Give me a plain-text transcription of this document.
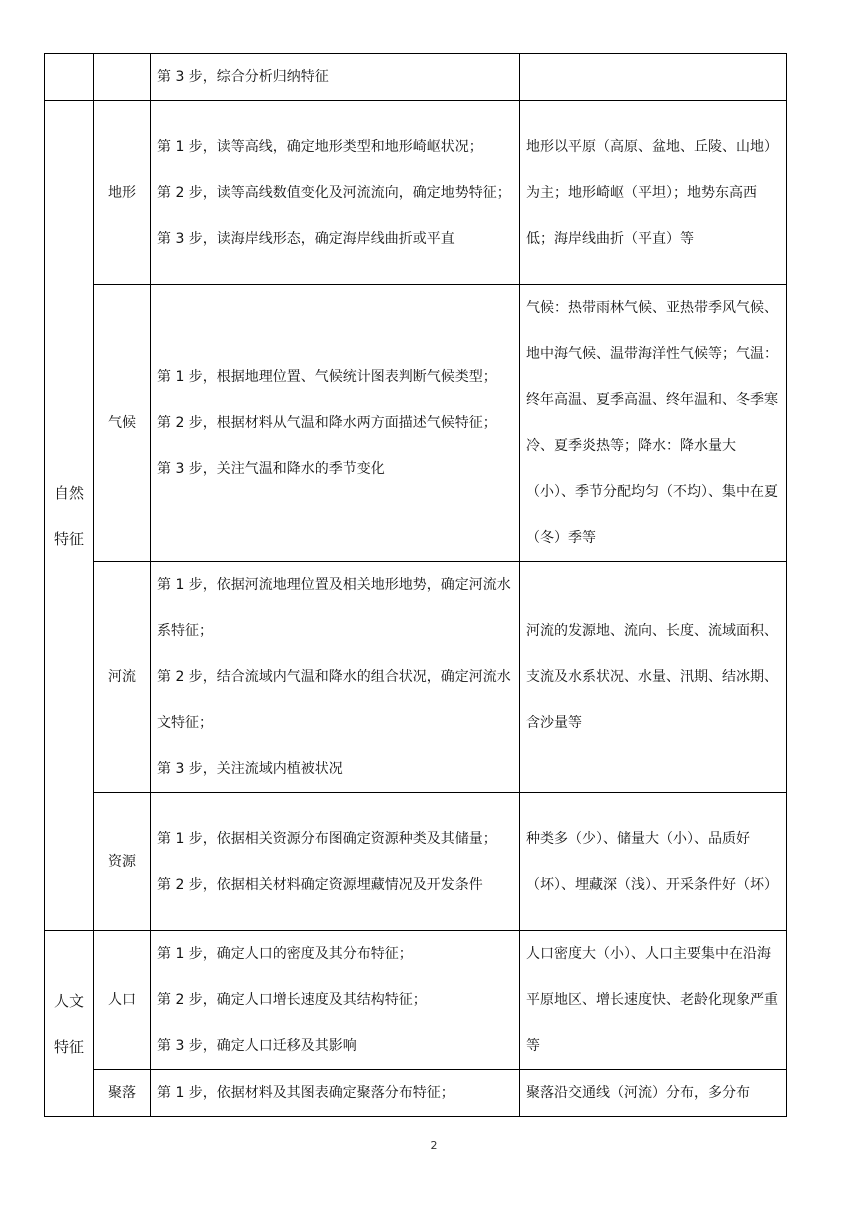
		第 3 步，综合分析归纳特征	

自然特征	地形	第 1 步，读等高线，确定地形类型和地形崎岖状况；
第 2 步，读等高线数值变化及河流流向，确定地势特征；
第 3 步，读海岸线形态，确定海岸线曲折或平直	地形以平原（高原、盆地、丘陵、山地）为主；地形崎岖（平坦）；地势东高西低；海岸线曲折（平直）等

	气候	第 1 步，根据地理位置、气候统计图表判断气候类型；
第 2 步，根据材料从气温和降水两方面描述气候特征；
第 3 步，关注气温和降水的季节变化	气候：热带雨林气候、亚热带季风气候、地中海气候、温带海洋性气候等；气温：终年高温、夏季高温、终年温和、冬季寒冷、夏季炎热等；降水：降水量大（小）、季节分配均匀（不均）、集中在夏（冬）季等

	河流	第 1 步，依据河流地理位置及相关地形地势，确定河流水系特征；
第 2 步，结合流域内气温和降水的组合状况，确定河流水文特征；
第 3 步，关注流域内植被状况	河流的发源地、流向、长度、流域面积、支流及水系状况、水量、汛期、结冰期、含沙量等

	资源	第 1 步，依据相关资源分布图确定资源种类及其储量；
第 2 步，依据相关材料确定资源埋藏情况及开发条件	种类多（少）、储量大（小）、品质好（坏）、埋藏深（浅）、开采条件好（坏）

人文特征	人口	第 1 步，确定人口的密度及其分布特征；
第 2 步，确定人口增长速度及其结构特征；
第 3 步，确定人口迁移及其影响	人口密度大（小）、人口主要集中在沿海平原地区、增长速度快、老龄化现象严重等

	聚落	第 1 步，依据材料及其图表确定聚落分布特征；	聚落沿交通线（河流）分布，多分布
2
